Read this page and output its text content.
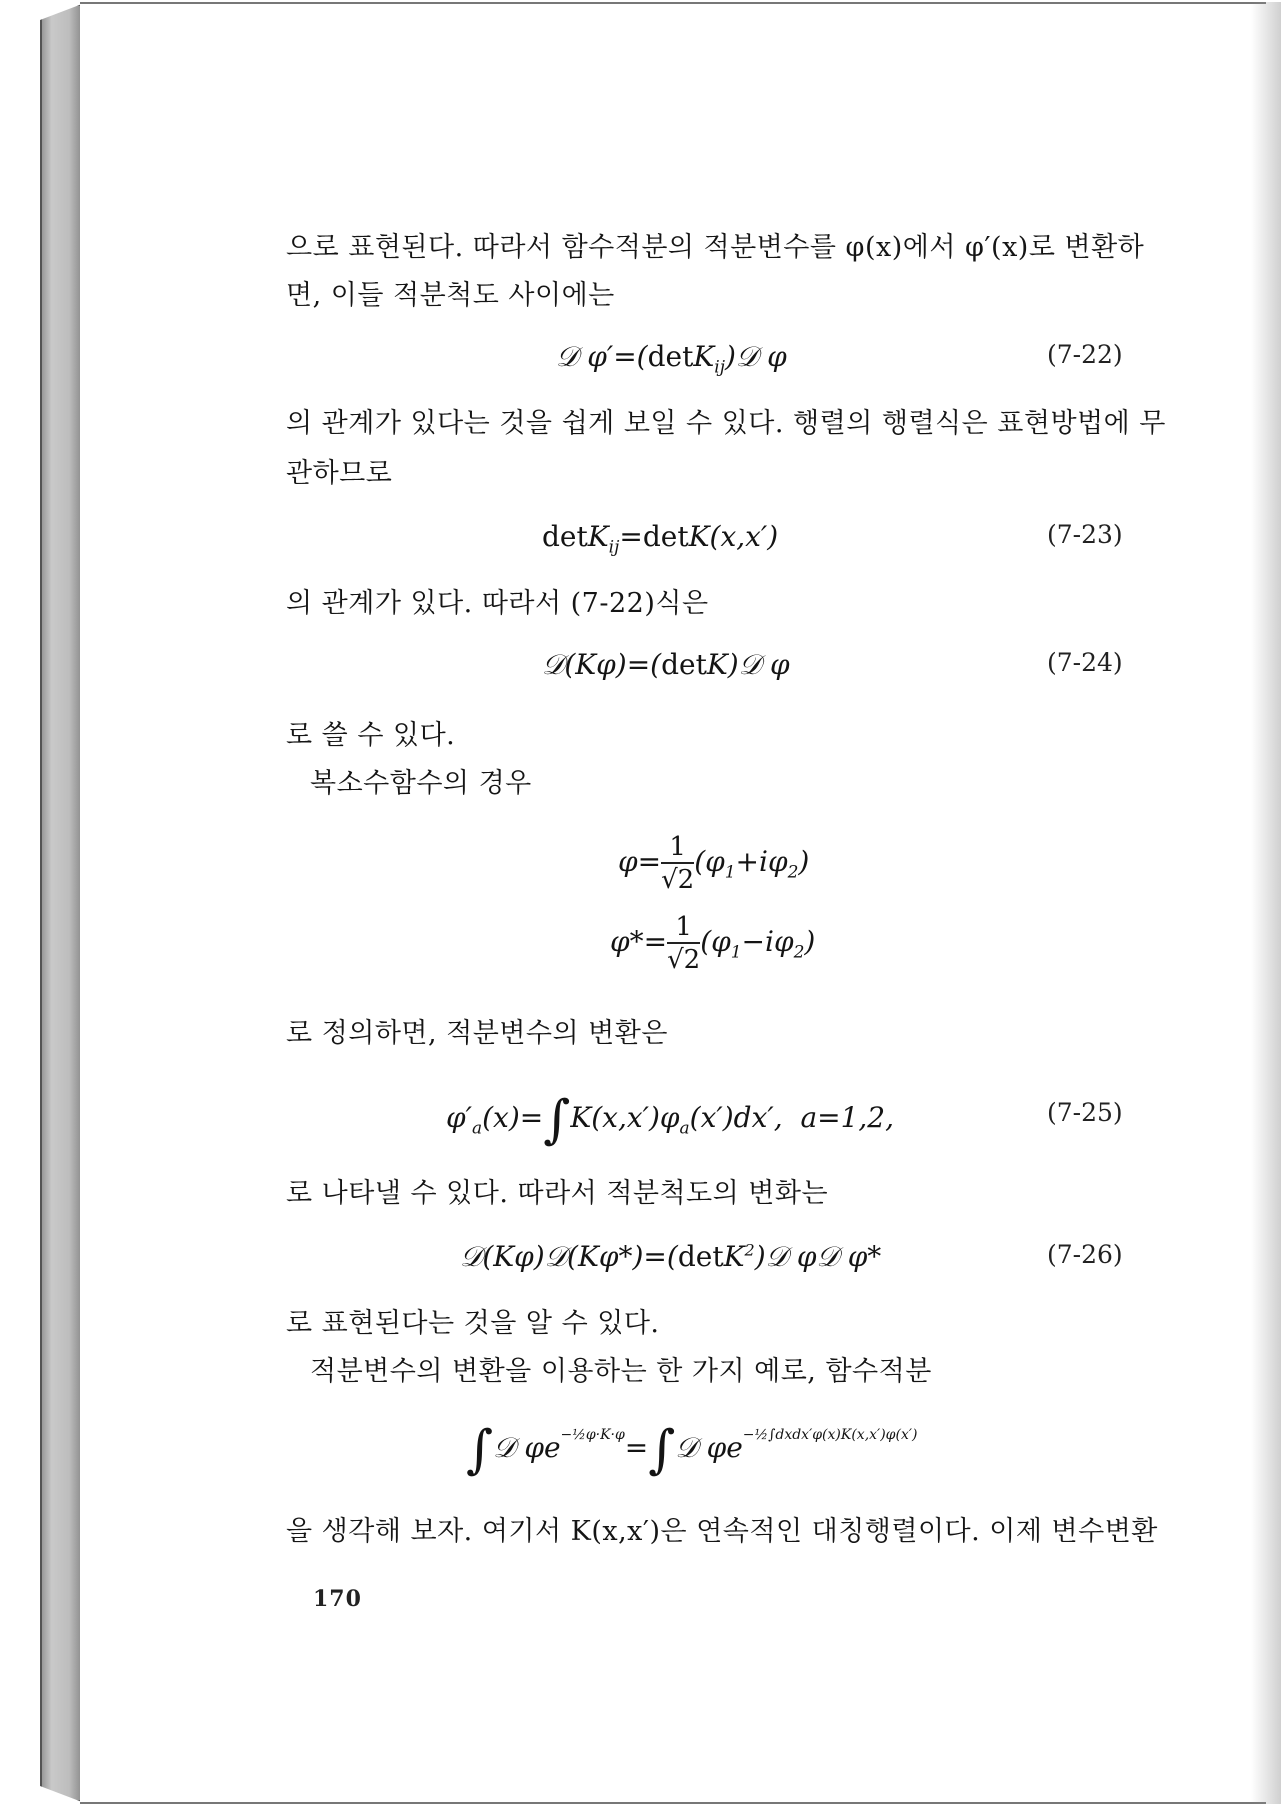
으로 표현된다. 따라서 함수적분의 적분변수를 φ(x)에서 φ′(x)로 변환하
면, 이들 적분척도 사이에는
𝒟 φ′=(detK$_{ij}$)𝒟 φ	(7-22)
의 관계가 있다는 것을 쉽게 보일 수 있다. 행렬의 행렬식은 표현방법에 무
관하므로
detK$_{ij}$=detK(x,x′)	(7-23)
의 관계가 있다. 따라서 (7-22)식은
𝒟(Kφ)=(detK)𝒟 φ	(7-24)
로 쓸 수 있다.
복소수함수의 경우
$\varphi= \frac{1}{√2} (\varphi_1+i\varphi_2)$
$\varphi*= \frac{1}{√2} (\varphi_1-i\varphi_2)$
로 정의하면, 적분변수의 변환은
$\varphi'_a(x)=\int K(x,x')\varphi_a(x')dx'$,  a=1,2,	(7-25)
로 나타낼 수 있다. 따라서 적분척도의 변화는
𝒟(Kφ)𝒟(Kφ*)=(detK$^2$)𝒟 φ𝒟 φ*	(7-26)
로 표현된다는 것을 알 수 있다.
적분변수의 변환을 이용하는 한 가지 예로, 함수적분
∫𝒟 $\varphi e^{-\frac{1}{2}\varphi\cdot K\cdot\varphi}=\int 𝒟$ $\varphi e^{-\frac{1}{2}\int dxdx'\varphi(x)K(x,x')\varphi(x')}$
을 생각해 보자. 여기서 K(x,x′)은 연속적인 대칭행렬이다. 이제 변수변환
170
